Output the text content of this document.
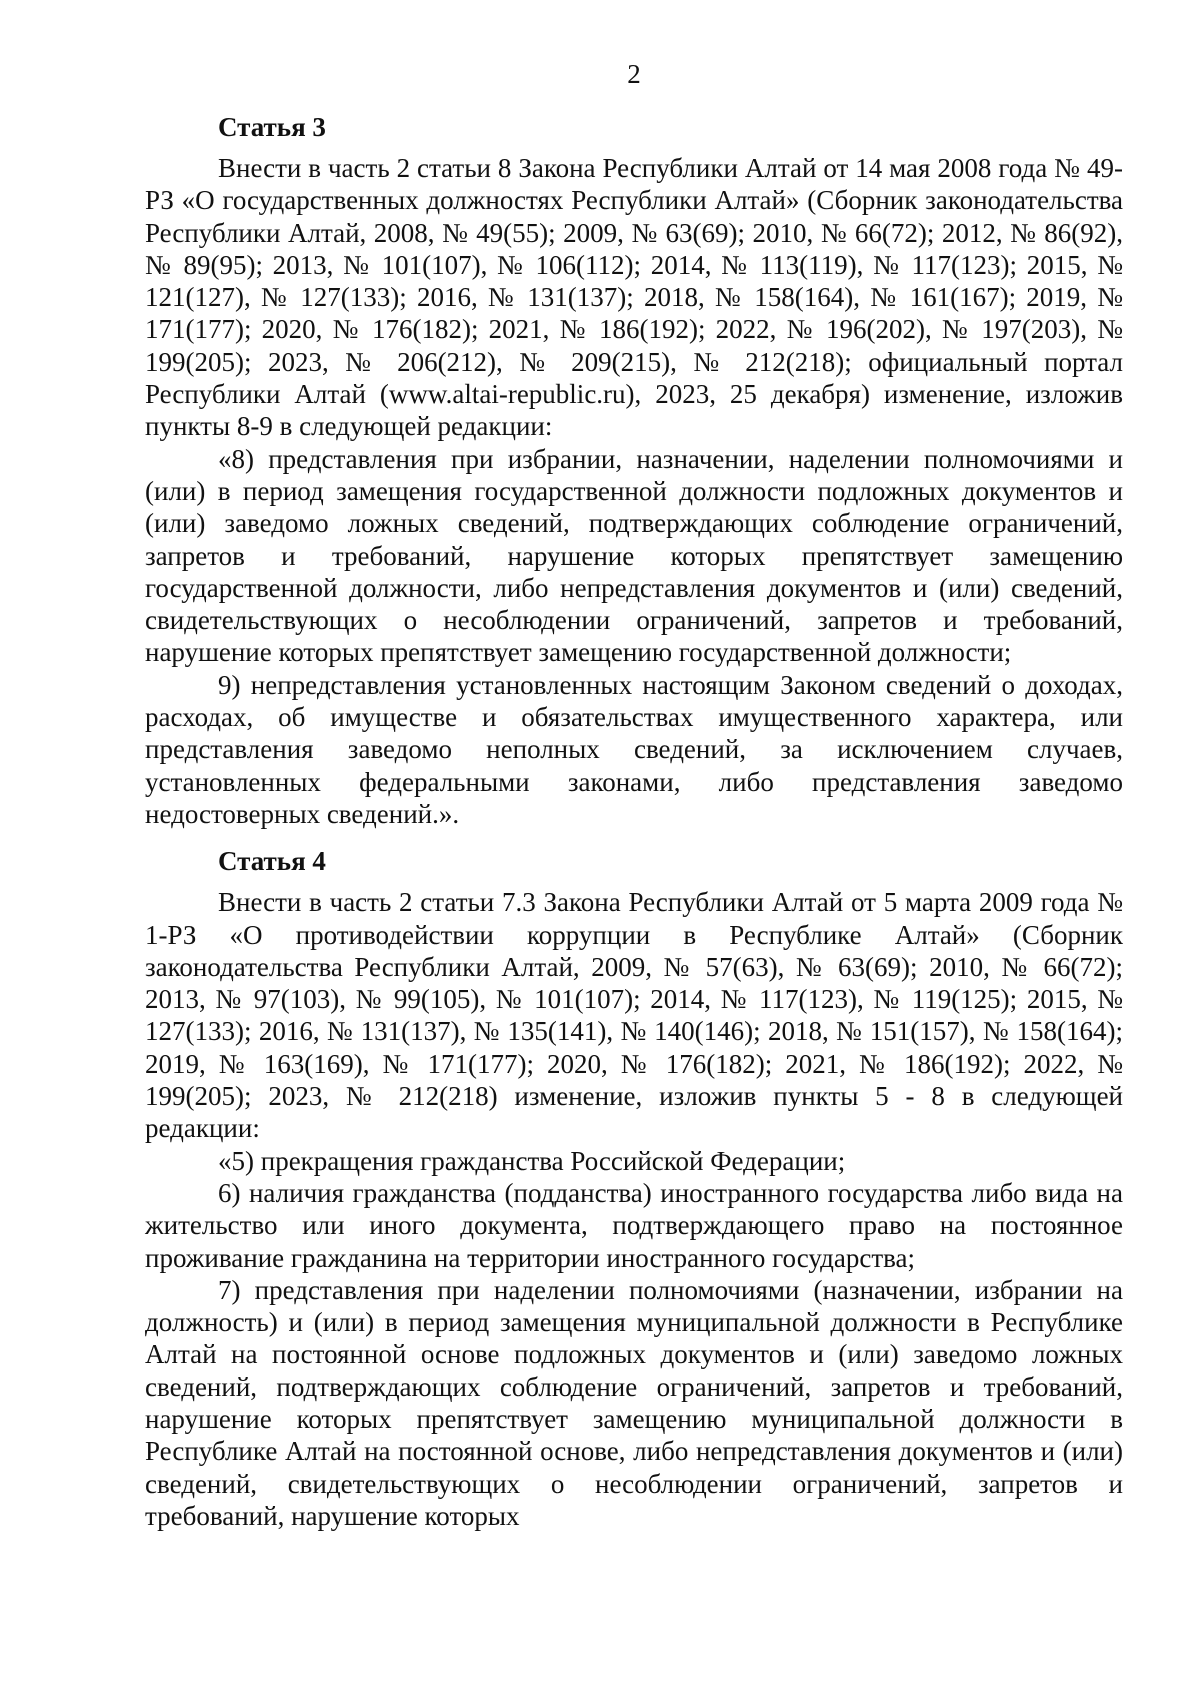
2
Статья 3

Внести в часть 2 статьи 8 Закона Республики Алтай от 14 мая 2008 года № 49-РЗ «О государственных должностях Республики Алтай» (Сборник законодательства Республики Алтай, 2008, № 49(55); 2009, № 63(69); 2010, № 66(72); 2012, № 86(92), № 89(95); 2013, № 101(107), № 106(112); 2014, № 113(119), № 117(123); 2015, № 121(127), № 127(133); 2016, № 131(137); 2018, № 158(164), № 161(167); 2019, № 171(177); 2020, № 176(182); 2021, № 186(192); 2022, № 196(202), № 197(203), № 199(205); 2023, № 206(212), № 209(215), № 212(218); официальный портал Республики Алтай (www.altai-republic.ru), 2023, 25 декабря) изменение, изложив пункты 8-9 в следующей редакции:

«8) представления при избрании, назначении, наделении полномочиями и (или) в период замещения государственной должности подложных документов и (или) заведомо ложных сведений, подтверждающих соблюдение ограничений, запретов и требований, нарушение которых препятствует замещению государственной должности, либо непредставления документов и (или) сведений, свидетельствующих о несоблюдении ограничений, запретов и требований, нарушение которых препятствует замещению государственной должности;

9) непредставления установленных настоящим Законом сведений о доходах, расходах, об имуществе и обязательствах имущественного характера, или представления заведомо неполных сведений, за исключением случаев, установленных федеральными законами, либо представления заведомо недостоверных сведений.».

Статья 4

Внести в часть 2 статьи 7.3 Закона Республики Алтай от 5 марта 2009 года № 1-РЗ «О противодействии коррупции в Республике Алтай» (Сборник законодательства Республики Алтай, 2009, № 57(63), № 63(69); 2010, № 66(72); 2013, № 97(103), № 99(105), № 101(107); 2014, № 117(123), № 119(125); 2015, № 127(133); 2016, № 131(137), № 135(141), № 140(146); 2018, № 151(157), № 158(164); 2019, № 163(169), № 171(177); 2020, № 176(182); 2021, № 186(192); 2022, № 199(205); 2023, № 212(218) изменение, изложив пункты 5 - 8 в следующей редакции:

«5) прекращения гражданства Российской Федерации;

6) наличия гражданства (подданства) иностранного государства либо вида на жительство или иного документа, подтверждающего право на постоянное проживание гражданина на территории иностранного государства;

7) представления при наделении полномочиями (назначении, избрании на должность) и (или) в период замещения муниципальной должности в Республике Алтай на постоянной основе подложных документов и (или) заведомо ложных сведений, подтверждающих соблюдение ограничений, запретов и требований, нарушение которых препятствует замещению муниципальной должности в Республике Алтай на постоянной основе, либо непредставления документов и (или) сведений, свидетельствующих о несоблюдении ограничений, запретов и требований, нарушение которых
